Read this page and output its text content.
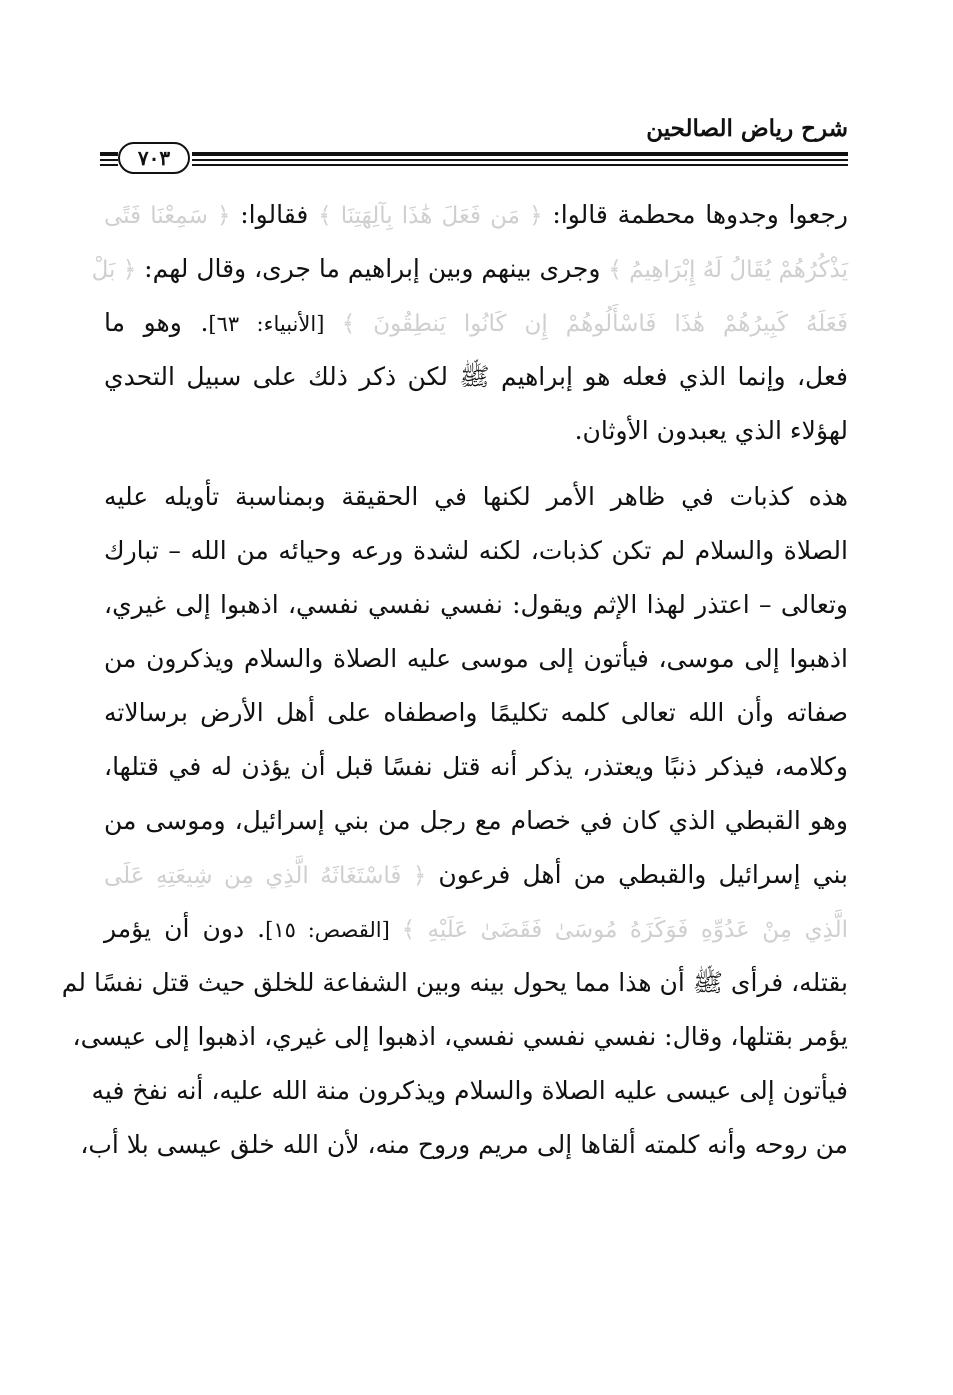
شرح رياض الصالحين
٧٠٣
رجعوا وجدوها محطمة قالوا: ﴿ مَن فَعَلَ هَٰذَا بِآلِهَتِنَا ﴾ فقالوا: ﴿ سَمِعْنَا فَتًى
يَذْكُرُهُمْ يُقَالُ لَهُ إِبْرَاهِيمُ ﴾ وجرى بينهم وبين إبراهيم ما جرى، وقال لهم: ﴿ بَلْ
فَعَلَهُ كَبِيرُهُمْ هَٰذَا فَاسْأَلُوهُمْ إِن كَانُوا يَنطِقُونَ ﴾ [الأنبياء: ٦٣]. وهو ما
فعل، وإنما الذي فعله هو إبراهيم ﷺ لكن ذكر ذلك على سبيل التحدي
لهؤلاء الذي يعبدون الأوثان.
هذه كذبات في ظاهر الأمر لكنها في الحقيقة وبمناسبة تأويله عليه
الصلاة والسلام لم تكن كذبات، لكنه لشدة ورعه وحيائه من الله – تبارك
وتعالى – اعتذر لهذا الإثم ويقول: نفسي نفسي نفسي، اذهبوا إلى غيري،
اذهبوا إلى موسى، فيأتون إلى موسى عليه الصلاة والسلام ويذكرون من
صفاته وأن الله تعالى كلمه تكليمًا واصطفاه على أهل الأرض برسالاته
وكلامه، فيذكر ذنبًا ويعتذر، يذكر أنه قتل نفسًا قبل أن يؤذن له في قتلها،
وهو القبطي الذي كان في خصام مع رجل من بني إسرائيل، وموسى من
بني إسرائيل والقبطي من أهل فرعون ﴿ فَاسْتَغَاثَهُ الَّذِي مِن شِيعَتِهِ عَلَى
الَّذِي مِنْ عَدُوِّهِ فَوَكَزَهُ مُوسَىٰ فَقَضَىٰ عَلَيْهِ ﴾ [القصص: ١٥]. دون أن يؤمر
بقتله، فرأى ﷺ أن هذا مما يحول بينه وبين الشفاعة للخلق حيث قتل نفسًا لم
يؤمر بقتلها، وقال: نفسي نفسي نفسي، اذهبوا إلى غيري، اذهبوا إلى عيسى،
فيأتون إلى عيسى عليه الصلاة والسلام ويذكرون منة الله عليه، أنه نفخ فيه
من روحه وأنه كلمته ألقاها إلى مريم وروح منه، لأن الله خلق عيسى بلا أب،
